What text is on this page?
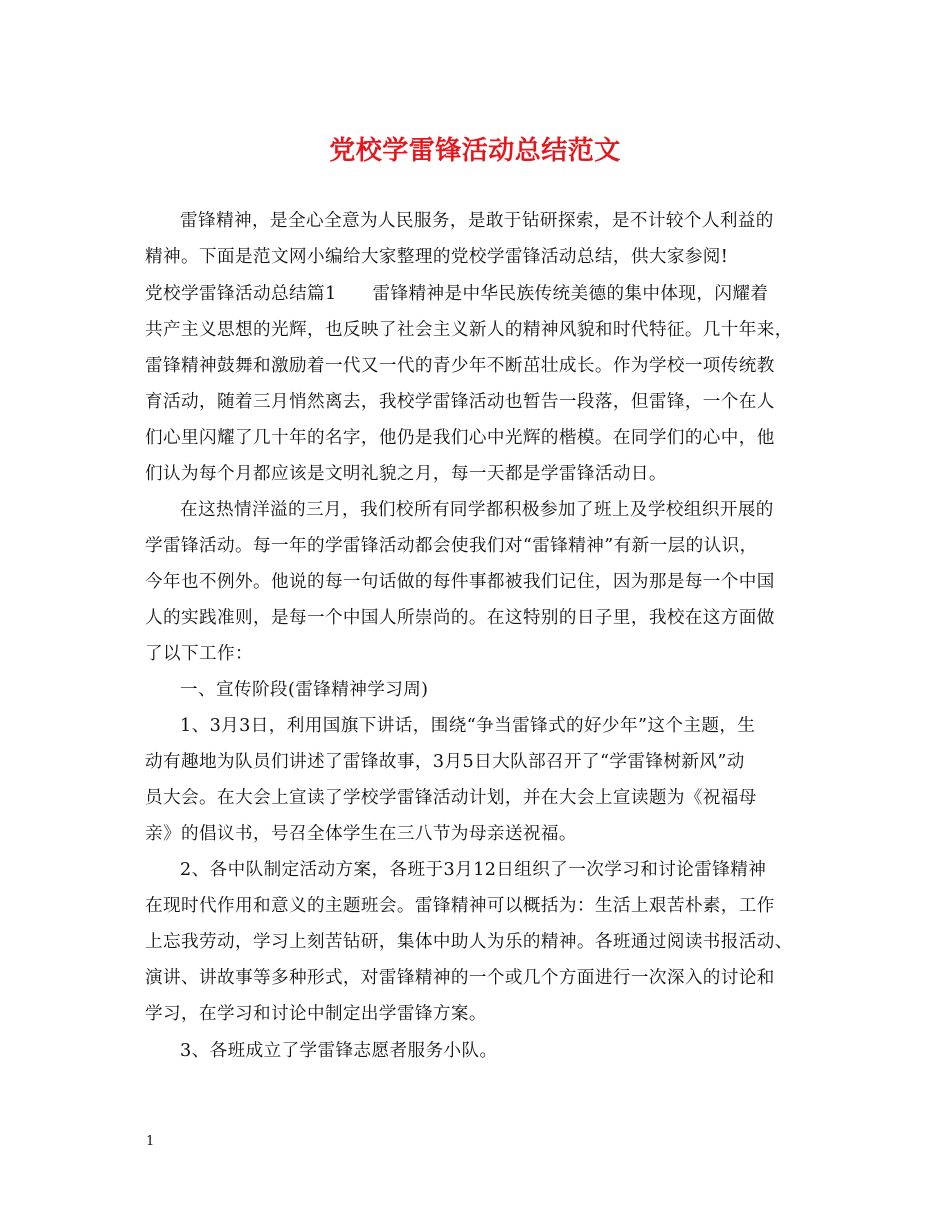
党校学雷锋活动总结范文
雷锋精神，是全心全意为人民服务，是敢于钻研探索，是不计较个人利益的
精神。下面是范文网小编给大家整理的党校学雷锋活动总结，供大家参阅!
党校学雷锋活动总结篇1　　雷锋精神是中华民族传统美德的集中体现，闪耀着
共产主义思想的光辉，也反映了社会主义新人的精神风貌和时代特征。几十年来，
雷锋精神鼓舞和激励着一代又一代的青少年不断茁壮成长。作为学校一项传统教
育活动，随着三月悄然离去，我校学雷锋活动也暂告一段落，但雷锋，一个在人
们心里闪耀了几十年的名字，他仍是我们心中光辉的楷模。在同学们的心中，他
们认为每个月都应该是文明礼貌之月，每一天都是学雷锋活动日。
在这热情洋溢的三月，我们校所有同学都积极参加了班上及学校组织开展的
学雷锋活动。每一年的学雷锋活动都会使我们对“雷锋精神”有新一层的认识，
今年也不例外。他说的每一句话做的每件事都被我们记住，因为那是每一个中国
人的实践准则，是每一个中国人所崇尚的。在这特别的日子里，我校在这方面做
了以下工作：
一、宣传阶段(雷锋精神学习周)
1、3月3日，利用国旗下讲话，围绕“争当雷锋式的好少年”这个主题，生
动有趣地为队员们讲述了雷锋故事，3月5日大队部召开了“学雷锋树新风”动
员大会。在大会上宣读了学校学雷锋活动计划，并在大会上宣读题为《祝福母
亲》的倡议书，号召全体学生在三八节为母亲送祝福。
2、各中队制定活动方案，各班于3月12日组织了一次学习和讨论雷锋精神
在现时代作用和意义的主题班会。雷锋精神可以概括为：生活上艰苦朴素，工作
上忘我劳动，学习上刻苦钻研，集体中助人为乐的精神。各班通过阅读书报活动、
演讲、讲故事等多种形式，对雷锋精神的一个或几个方面进行一次深入的讨论和
学习，在学习和讨论中制定出学雷锋方案。
3、各班成立了学雷锋志愿者服务小队。
1
